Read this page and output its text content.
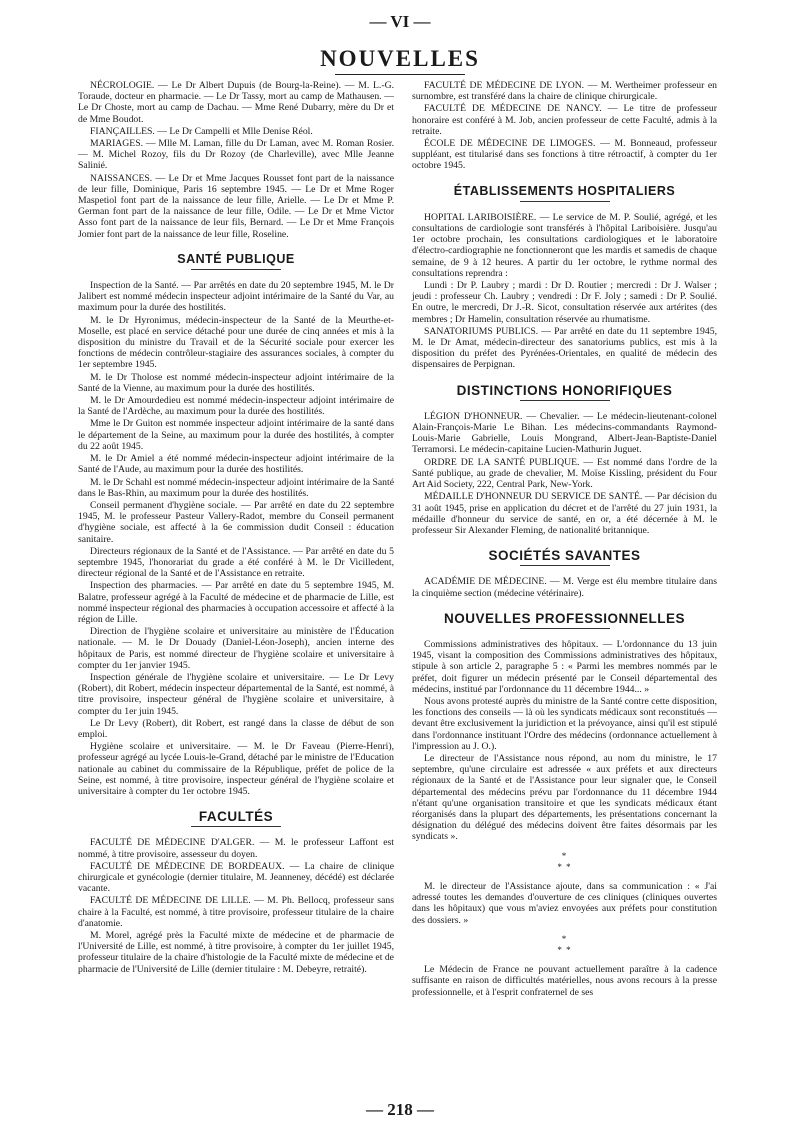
— VI —
NOUVELLES

NÉCROLOGIE. — Le Dr Albert Dupuis (de Bourg-la-Reine). — M. L.-G. Toraude, docteur en pharmacie. — Le Dr Tassy, mort au camp de Mathausen. — Le Dr Choste, mort au camp de Dachau. — Mme René Dubarry, mère du Dr et de Mme Boudot.

FIANÇAILLES. — Le Dr Campelli et Mlle Denise Réol.

MARIAGES. — Mlle M. Laman, fille du Dr Laman, avec M. Roman Rosier. — M. Michel Rozoy, fils du Dr Rozoy (de Charleville), avec Mlle Jeanne Salinié.

NAISSANCES. — Le Dr et Mme Jacques Rousset font part de la naissance de leur fille, Dominique, Paris 16 septembre 1945. — Le Dr et Mme Roger Maspetiol font part de la naissance de leur fille, Arielle. — Le Dr et Mme P. German font part de la naissance de leur fille, Odile. — Le Dr et Mme Victor Asso font part de la naissance de leur fils, Bernard. — Le Dr et Mme François Jomier font part de la naissance de leur fille, Roseline.

SANTÉ PUBLIQUE

Inspection de la Santé. — Par arrêtés en date du 20 septembre 1945, M. le Dr Jalibert est nommé médecin inspecteur adjoint intérimaire de la Santé du Var, au maximum pour la durée des hostilités.

M. le Dr Hyronimus, médecin-inspecteur de la Santé de la Meurthe-et-Moselle, est placé en service détaché pour une durée de cinq années et mis à la disposition du ministre du Travail et de la Sécurité sociale pour exercer les fonctions de médecin contrôleur-stagiaire des assurances sociales, à compter du 1er septembre 1945.

M. le Dr Tholose est nommé médecin-inspecteur adjoint intérimaire de la Santé de la Vienne, au maximum pour la durée des hostilités.

M. le Dr Amourdedieu est nommé médecin-inspecteur adjoint intérimaire de la Santé de l'Ardèche, au maximum pour la durée des hostilités.

Mme le Dr Guiton est nommée inspecteur adjoint intérimaire de la santé dans le département de la Seine, au maximum pour la durée des hostilités, à compter du 22 août 1945.

M. le Dr Amiel a été nommé médecin-inspecteur adjoint intérimaire de la Santé de l'Aude, au maximum pour la durée des hostilités.

M. le Dr Schahl est nommé médecin-inspecteur adjoint intérimaire de la Santé dans le Bas-Rhin, au maximum pour la durée des hostilités.

Conseil permanent d'hygiène sociale. — Par arrêté en date du 22 septembre 1945, M. le professeur Pasteur Vallery-Radot, membre du Conseil permanent d'hygiène sociale, est affecté à la 6e commission dudit Conseil : éducation sanitaire.

Directeurs régionaux de la Santé et de l'Assistance. — Par arrêté en date du 5 septembre 1945, l'honorariat du grade a été conféré à M. le Dr Vicilledent, directeur régional de la Santé et de l'Assistance en retraite.

Inspection des pharmacies. — Par arrêté en date du 5 septembre 1945, M. Balatre, professeur agrégé à la Faculté de médecine et de pharmacie de Lille, est nommé inspecteur régional des pharmacies à occupation accessoire et affecté à la région de Lille.

Direction de l'hygiène scolaire et universitaire au ministère de l'Éducation nationale. — M. le Dr Douady (Daniel-Léon-Joseph), ancien interne des hôpitaux de Paris, est nommé directeur de l'hygiène scolaire et universitaire à compter du 1er janvier 1945.

Inspection générale de l'hygiène scolaire et universitaire. — Le Dr Levy (Robert), dit Robert, médecin inspecteur départemental de la Santé, est nommé, à titre provisoire, inspecteur général de l'hygiène scolaire et universitaire, à compter du 1er juin 1945.

Le Dr Levy (Robert), dit Robert, est rangé dans la classe de début de son emploi.

Hygiène scolaire et universitaire. — M. le Dr Faveau (Pierre-Henri), professeur agrégé au lycée Louis-le-Grand, détaché par le ministre de l'Education nationale au cabinet du commissaire de la République, préfet de police de la Seine, est nommé, à titre provisoire, inspecteur général de l'hygiène scolaire et universitaire à compter du 1er octobre 1945.

FACULTÉS

FACULTÉ DE MÉDECINE D'ALGER. — M. le professeur Laffont est nommé, à titre provisoire, assesseur du doyen.

FACULTÉ DE MÉDECINE DE BORDEAUX. — La chaire de clinique chirurgicale et gynécologie (dernier titulaire, M. Jeanneney, décédé) est déclarée vacante.

FACULTÉ DE MÉDECINE DE LILLE. — M. Ph. Bellocq, professeur sans chaire à la Faculté, est nommé, à titre provisoire, professeur titulaire de la chaire d'anatomie.

M. Morel, agrégé près la Faculté mixte de médecine et de pharmacie de l'Université de Lille, est nommé, à titre provisoire, à compter du 1er juillet 1945, professeur titulaire de la chaire d'histologie de la Faculté mixte de médecine et de pharmacie de l'Université de Lille (dernier titulaire : M. Debeyre, retraité).

FACULTÉ DE MÉDECINE DE LYON. — M. Wertheimer professeur en surnombre, est transféré dans la chaire de clinique chirurgicale.

FACULTÉ DE MÉDECINE DE NANCY. — Le titre de professeur honoraire est conféré à M. Job, ancien professeur de cette Faculté, admis à la retraite.

ÉCOLE DE MÉDECINE DE LIMOGES. — M. Bonneaud, professeur suppléant, est titularisé dans ses fonctions à titre rétroactif, à compter du 1er octobre 1945.

ÉTABLISSEMENTS HOSPITALIERS

HOPITAL LARIBOISIÈRE. — Le service de M. P. Soulié, agrégé, et les consultations de cardiologie sont transférés à l'hôpital Lariboisière. Jusqu'au 1er octobre prochain, les consultations cardiologiques et le laboratoire d'électro-cardiographie ne fonctionneront que les mardis et samedis de chaque semaine, de 9 à 12 heures. A partir du 1er octobre, le rythme normal des consultations reprendra :

Lundi : Dr P. Laubry ; mardi : Dr D. Routier ; mercredi : Dr J. Walser ; jeudi : professeur Ch. Laubry ; vendredi : Dr F. Joly ; samedi : Dr P. Soulié. En outre, le mercredi, Dr J.-R. Sicot, consultation réservée aux artérites (des membres ; Dr Hamelin, consultation réservée au rhumatisme.

SANATORIUMS PUBLICS. — Par arrêté en date du 11 septembre 1945, M. le Dr Amat, médecin-directeur des sanatoriums publics, est mis à la disposition du préfet des Pyrénées-Orientales, en qualité de médecin des dispensaires de Perpignan.

DISTINCTIONS HONORIFIQUES

LÉGION D'HONNEUR. — Chevalier. — Le médecin-lieutenant-colonel Alain-François-Marie Le Bihan. Les médecins-commandants Raymond-Louis-Marie Gabrielle, Louis Mongrand, Albert-Jean-Baptiste-Daniel Terramorsi. Le médecin-capitaine Lucien-Mathurin Juguet.

ORDRE DE LA SANTÉ PUBLIQUE. — Est nommé dans l'ordre de la Santé publique, au grade de chevalier, M. Moïse Kissling, président du Four Art Aid Society, 222, Central Park, New-York.

MÉDAILLE D'HONNEUR DU SERVICE DE SANTÉ. — Par décision du 31 août 1945, prise en application du décret et de l'arrêté du 27 juin 1931, la médaille d'honneur du service de santé, en or, a été décernée à M. le professeur Sir Alexander Fleming, de nationalité britannique.

SOCIÉTÉS SAVANTES

ACADÉMIE DE MÉDECINE. — M. Verge est élu membre titulaire dans la cinquième section (médecine vétérinaire).

NOUVELLES PROFESSIONNELLES

Commissions administratives des hôpitaux. — L'ordonnance du 13 juin 1945, visant la composition des Commissions administratives des hôpitaux, stipule à son article 2, paragraphe 5 : « Parmi les membres nommés par le préfet, doit figurer un médecin présenté par le Conseil départemental des médecins, institué par l'ordonnance du 11 décembre 1944... »

Nous avons protesté auprès du ministre de la Santé contre cette disposition, les fonctions des conseils — là où les syndicats médicaux sont reconstitués — devant être exclusivement la juridiction et la prévoyance, ainsi qu'il est stipulé dans l'ordonnance instituant l'Ordre des médecins (ordonnance actuellement à l'impression au J. O.).

Le directeur de l'Assistance nous répond, au nom du ministre, le 17 septembre, qu'une circulaire est adressée « aux préfets et aux directeurs régionaux de la Santé et de l'Assistance pour leur signaler que, le Conseil départemental des médecins prévu par l'ordonnance du 11 décembre 1944 n'étant qu'une organisation transitoire et que les syndicats médicaux étant réorganisés dans la plupart des départements, les présentations concernant la désignation du délégué des médecins doivent être faites désormais par les syndicats ».

*
* *

M. le directeur de l'Assistance ajoute, dans sa communication : « J'ai adressé toutes les demandes d'ouverture de ces cliniques (cliniques ouvertes dans les hôpitaux) que vous m'aviez envoyées aux préfets pour constitution des dossiers. »

*
* *

Le Médecin de France ne pouvant actuellement paraître à la cadence suffisante en raison de difficultés matérielles, nous avons recours à la presse professionnelle, et à l'esprit confraternel de ses

— 218 —
